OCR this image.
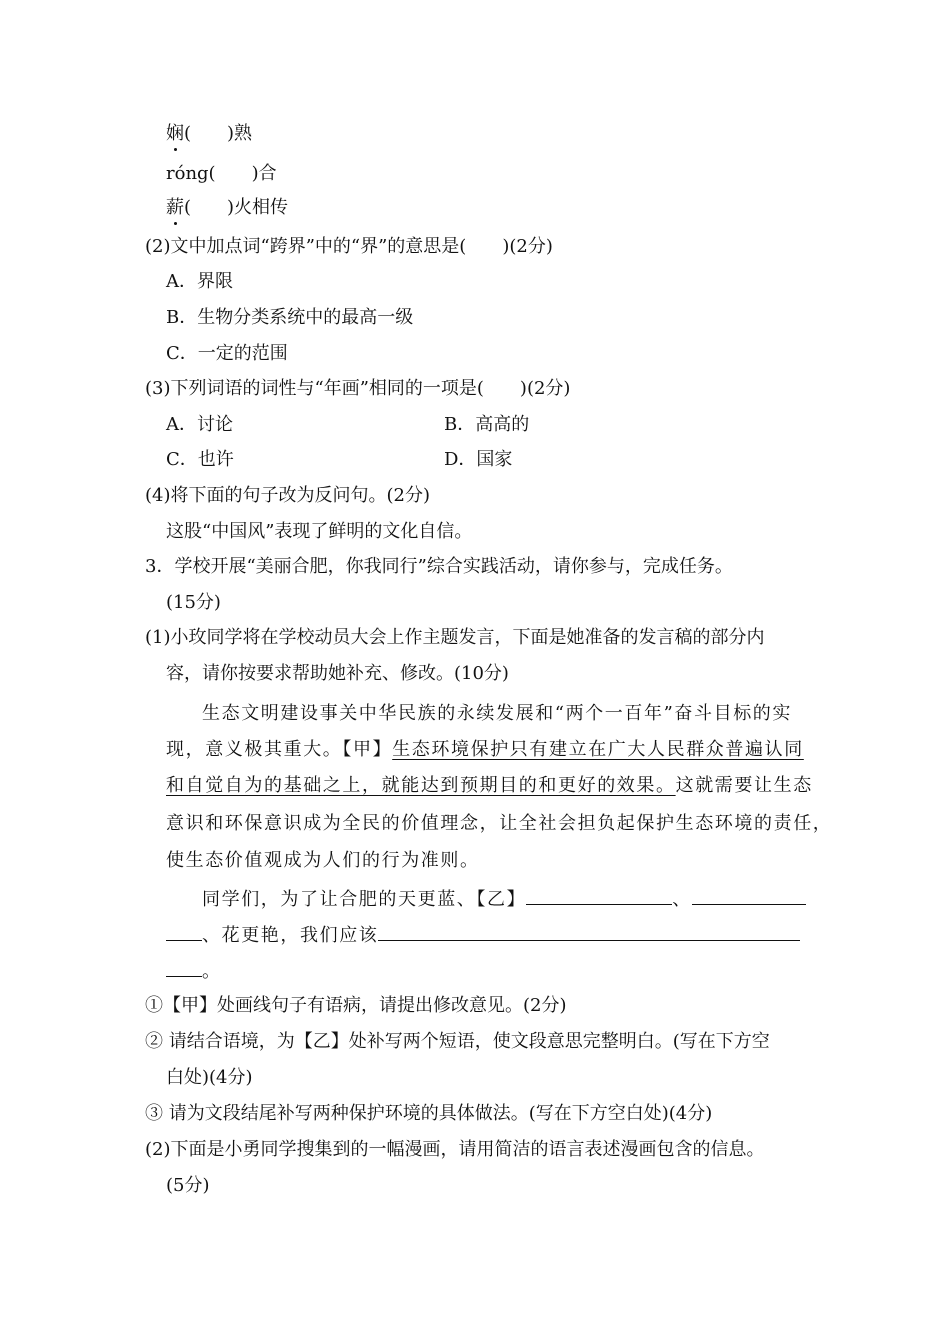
娴(　　)熟
róng(　　)合
薪(　　)火相传
(2)文中加点词“跨界”中的“界”的意思是(　　)(2分)
A．界限
B．生物分类系统中的最高一级
C．一定的范围
(3)下列词语的词性与“年画”相同的一项是(　　)(2分)
A．讨论	B．高高的
C．也许	D．国家
(4)将下面的句子改为反问句。(2分)
这股“中国风”表现了鲜明的文化自信。
3．学校开展“美丽合肥，你我同行”综合实践活动，请你参与，完成任务。
(15分)
(1)小玫同学将在学校动员大会上作主题发言，下面是她准备的发言稿的部分内
容，请你按要求帮助她补充、修改。(10分)
生态文明建设事关中华民族的永续发展和“两个一百年”奋斗目标的实
现，意义极其重大。【甲】生态环境保护只有建立在广大人民群众普遍认同
和自觉自为的基础之上，就能达到预期目的和更好的效果。这就需要让生态
意识和环保意识成为全民的价值理念，让全社会担负起保护生态环境的责任，
使生态价值观成为人们的行为准则。
同学们，为了让合肥的天更蓝、【乙】	、
、花更艳，我们应该
。
①【甲】处画线句子有语病，请提出修改意见。(2分)
② 请结合语境，为【乙】处补写两个短语，使文段意思完整明白。(写在下方空
白处)(4分)
③ 请为文段结尾补写两种保护环境的具体做法。(写在下方空白处)(4分)
(2)下面是小勇同学搜集到的一幅漫画，请用简洁的语言表述漫画包含的信息。
(5分)
